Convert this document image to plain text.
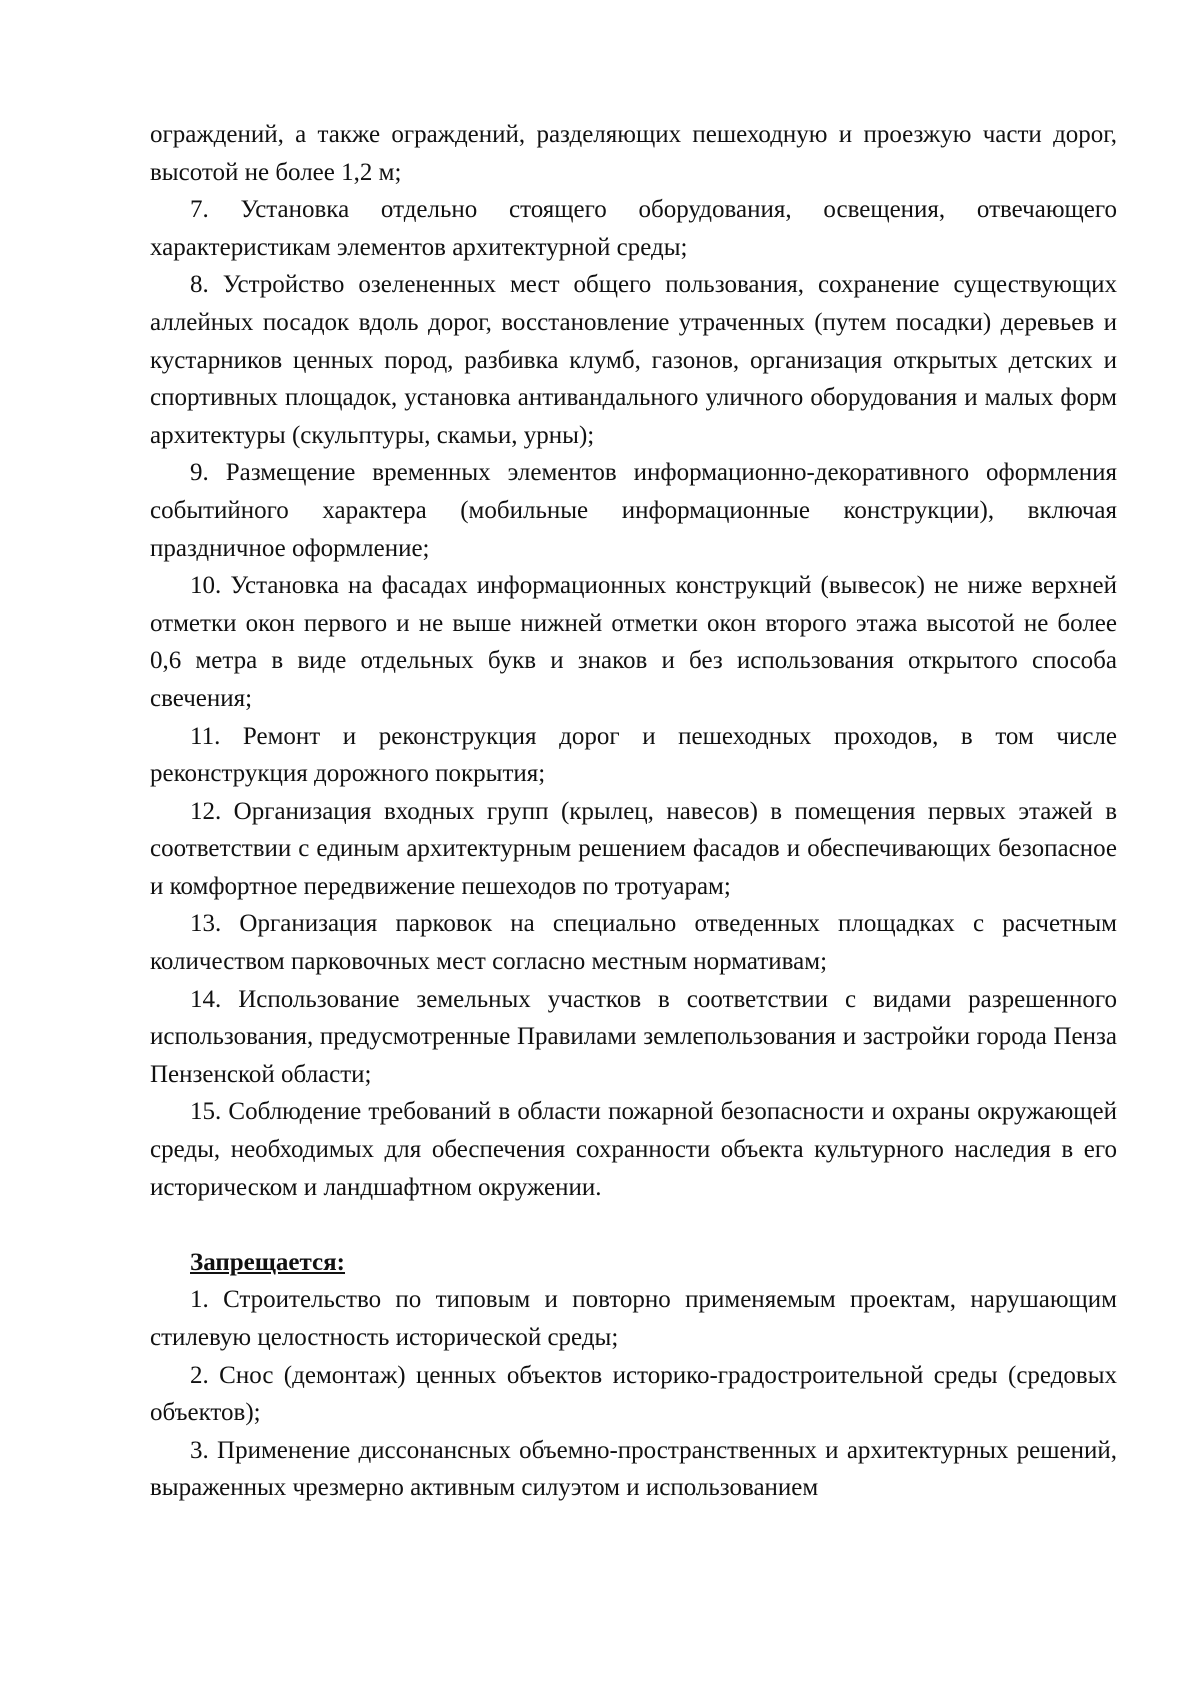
ограждений, а также ограждений, разделяющих пешеходную и проезжую части дорог, высотой не более 1,2 м;

7. Установка отдельно стоящего оборудования, освещения, отвечающего характеристикам элементов архитектурной среды;

8. Устройство озелененных мест общего пользования, сохранение существующих аллейных посадок вдоль дорог, восстановление утраченных (путем посадки) деревьев и кустарников ценных пород, разбивка клумб, газонов, организация открытых детских и спортивных площадок, установка антивандального уличного оборудования и малых форм архитектуры (скульптуры, скамьи, урны);

9. Размещение временных элементов информационно-декоративного оформления событийного характера (мобильные информационные конструкции), включая праздничное оформление;

10. Установка на фасадах информационных конструкций (вывесок) не ниже верхней отметки окон первого и не выше нижней отметки окон второго этажа высотой не более 0,6 метра в виде отдельных букв и знаков и без использования открытого способа свечения;

11. Ремонт и реконструкция дорог и пешеходных проходов, в том числе реконструкция дорожного покрытия;

12. Организация входных групп (крылец, навесов) в помещения первых этажей в соответствии с единым архитектурным решением фасадов и обеспечивающих безопасное и комфортное передвижение пешеходов по тротуарам;

13. Организация парковок на специально отведенных площадках с расчетным количеством парковочных мест согласно местным нормативам;

14. Использование земельных участков в соответствии с видами разрешенного использования, предусмотренные Правилами землепользования и застройки города Пенза Пензенской области;

15. Соблюдение требований в области пожарной безопасности и охраны окружающей среды, необходимых для обеспечения сохранности объекта культурного наследия в его историческом и ландшафтном окружении.

Запрещается:

1. Строительство по типовым и повторно применяемым проектам, нарушающим стилевую целостность исторической среды;

2. Снос (демонтаж) ценных объектов историко-градостроительной среды (средовых объектов);

3. Применение диссонансных объемно-пространственных и архитектурных решений, выраженных чрезмерно активным силуэтом и использованием
